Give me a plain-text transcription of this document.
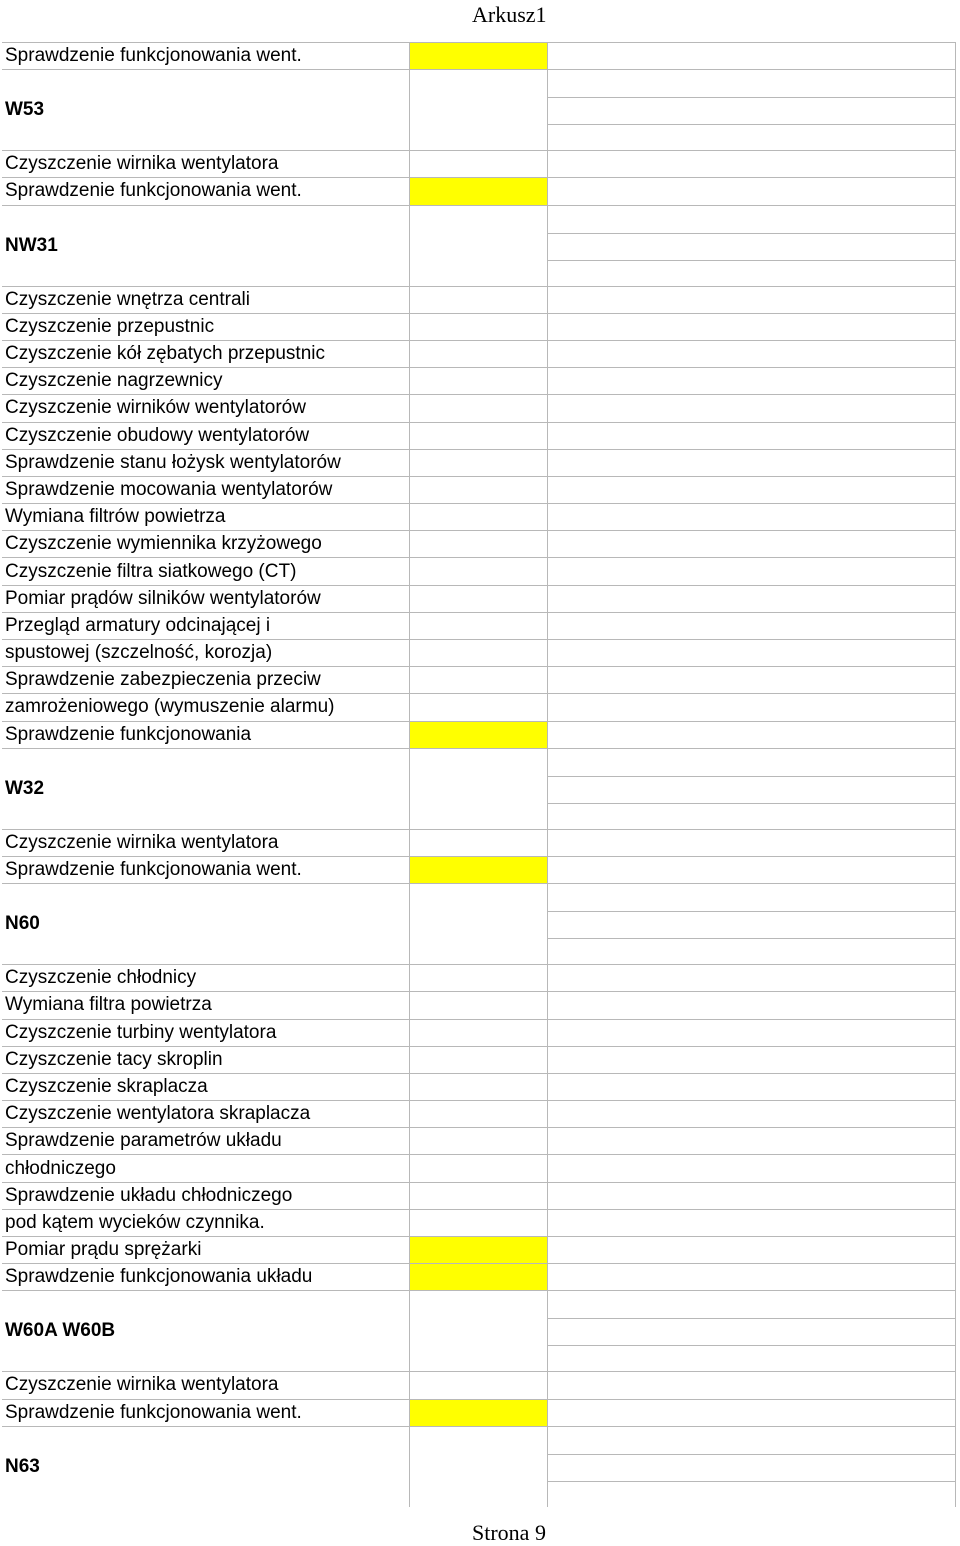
Arkusz1
Sprawdzenie funkcjonowania went.
W53
Czyszczenie wirnika wentylatora
Sprawdzenie funkcjonowania went.
NW31
Czyszczenie wnętrza centrali
Czyszczenie przepustnic
Czyszczenie kół zębatych przepustnic
Czyszczenie nagrzewnicy
Czyszczenie wirników wentylatorów
Czyszczenie obudowy wentylatorów
Sprawdzenie stanu łożysk wentylatorów
Sprawdzenie mocowania wentylatorów
Wymiana filtrów powietrza
Czyszczenie wymiennika krzyżowego
Czyszczenie filtra siatkowego (CT)
Pomiar prądów silników wentylatorów
Przegląd armatury odcinającej i
spustowej (szczelność, korozja)
Sprawdzenie zabezpieczenia przeciw
zamrożeniowego (wymuszenie alarmu)
Sprawdzenie funkcjonowania
W32
Czyszczenie wirnika wentylatora
Sprawdzenie funkcjonowania went.
N60
Czyszczenie chłodnicy
Wymiana filtra powietrza
Czyszczenie turbiny wentylatora
Czyszczenie tacy skroplin
Czyszczenie skraplacza
Czyszczenie wentylatora skraplacza
Sprawdzenie parametrów układu
chłodniczego
Sprawdzenie układu chłodniczego
pod kątem wycieków czynnika.
Pomiar prądu sprężarki
Sprawdzenie funkcjonowania układu
W60A W60B
Czyszczenie wirnika wentylatora
Sprawdzenie funkcjonowania went.
N63
Strona 9
